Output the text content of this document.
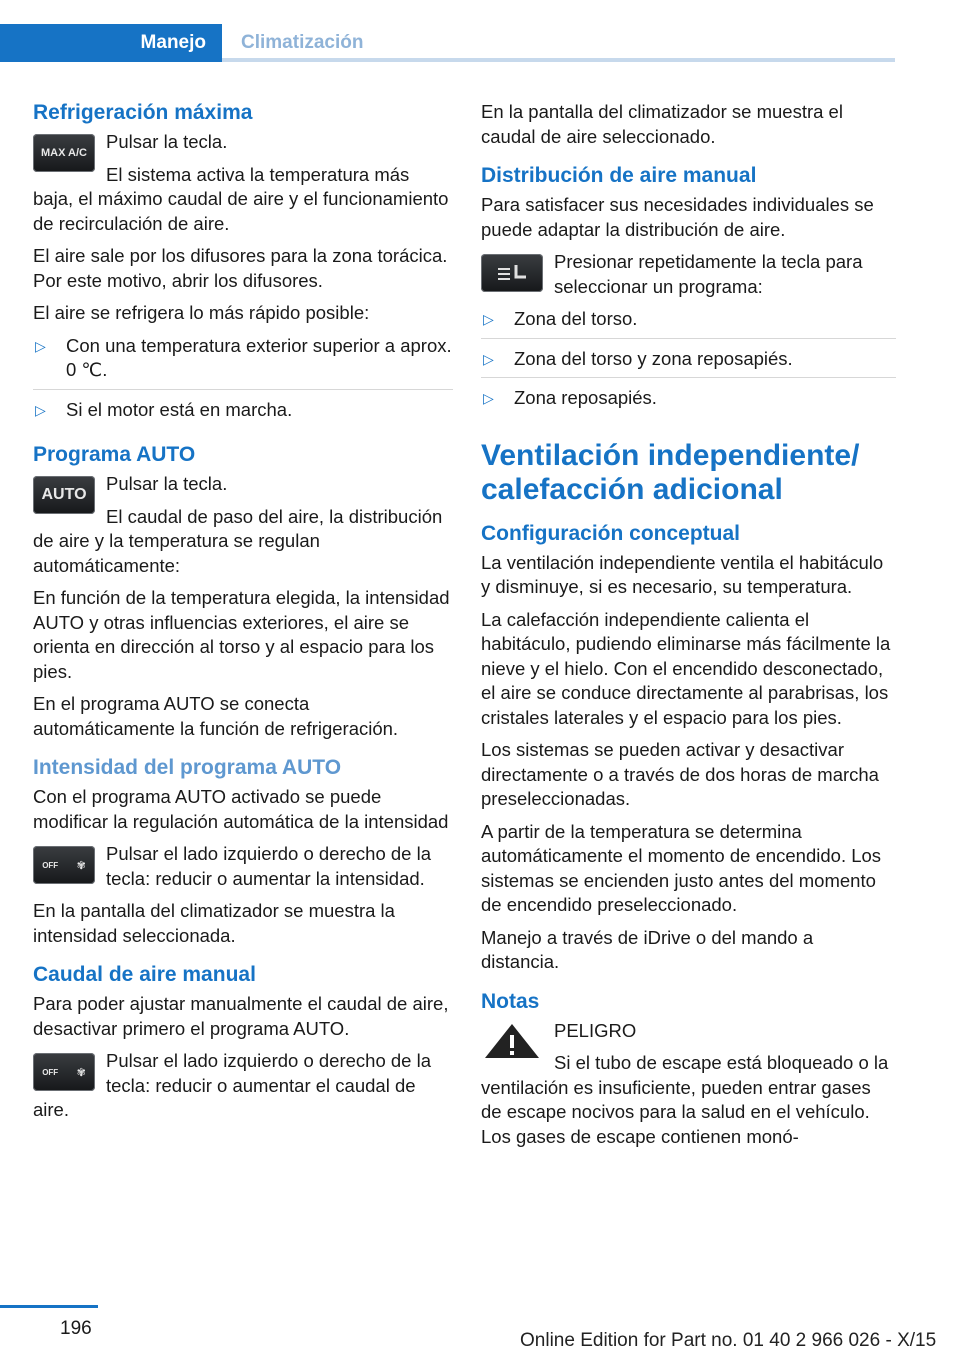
Manejo Climatización
Refrigeración máxima
MAX A/C

Pulsar la tecla.

El sistema activa la temperatura más baja, el máximo caudal de aire y el funcionamiento de recirculación de aire.

El aire sale por los difusores para la zona torácica. Por este motivo, abrir los difusores.

El aire se refrigera lo más rápido posible:

▷ Con una temperatura exterior superior a aprox. 0 ℃.
▷ Si el motor está en marcha.
Programa AUTO
AUTO

Pulsar la tecla.

El caudal de paso del aire, la distribución de aire y la temperatura se regulan automáticamente:

En función de la temperatura elegida, la intensidad AUTO y otras influencias exteriores, el aire se orienta en dirección al torso y al espacio para los pies.

En el programa AUTO se conecta automáticamente la función de refrigeración.

Intensidad del programa AUTO

Con el programa AUTO activado se puede modificar la regulación automática de la intensidad

OFF ✾

Pulsar el lado izquierdo o derecho de la tecla: reducir o aumentar la intensidad.

En la pantalla del climatizador se muestra la intensidad seleccionada.

Caudal de aire manual

Para poder ajustar manualmente el caudal de aire, desactivar primero el programa AUTO.

OFF ✾

Pulsar el lado izquierdo o derecho de la tecla: reducir o aumentar el caudal de aire.

En la pantalla del climatizador se muestra el caudal de aire seleccionado.

Distribución de aire manual

Para satisfacer sus necesidades individuales se puede adaptar la distribución de aire.

Presionar repetidamente la tecla para seleccionar un programa:

▷ Zona del torso.
▷ Zona del torso y zona reposapiés.
▷ Zona reposapiés.
Ventilación independiente/ calefacción adicional
Configuración conceptual

La ventilación independiente ventila el habitáculo y disminuye, si es necesario, su temperatura.

La calefacción independiente calienta el habitáculo, pudiendo eliminarse más fácilmente la nieve y el hielo. Con el encendido desconectado, el aire se conduce directamente al parabrisas, los cristales laterales y el espacio para los pies.

Los sistemas se pueden activar y desactivar directamente o a través de dos horas de marcha preseleccionadas.

A partir de la temperatura se determina automáticamente el momento de encendido. Los sistemas se encienden justo antes del momento de encendido preseleccionado.

Manejo a través de iDrive o del mando a distancia.

Notas

PELIGRO

Si el tubo de escape está bloqueado o la ventilación es insuficiente, pueden entrar gases de escape nocivos para la salud en el vehículo. Los gases de escape contienen monó-

196
Online Edition for Part no. 01 40 2 966 026 - X/15
